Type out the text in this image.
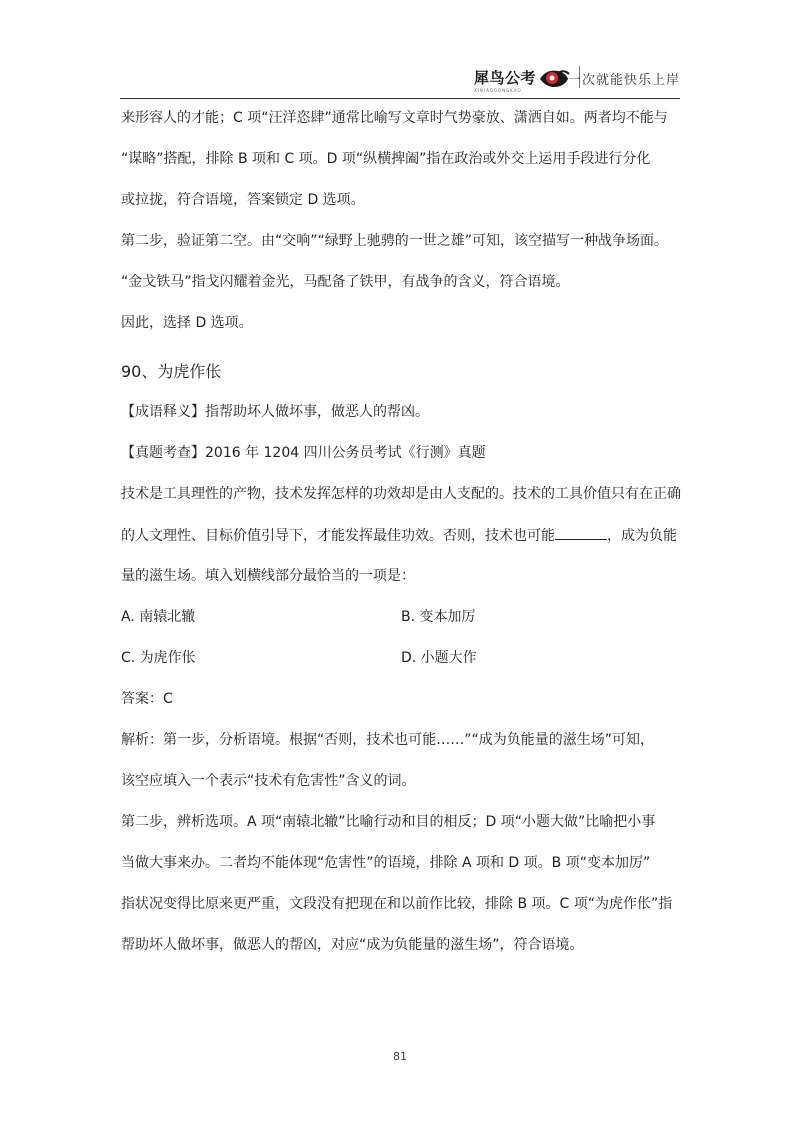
犀鸟公考
XINIAOGONGKAO
一次就能快乐上岸
来形容人的才能；C 项“汪洋恣肆”通常比喻写文章时气势豪放、潇洒自如。两者均不能与
“谋略”搭配，排除 B 项和 C 项。D 项“纵横捭阖”指在政治或外交上运用手段进行分化
或拉拢，符合语境，答案锁定 D 选项。
第二步，验证第二空。由“交响”“绿野上驰骋的一世之雄”可知，该空描写一种战争场面。
“金戈铁马”指戈闪耀着金光，马配备了铁甲，有战争的含义，符合语境。
因此，选择 D 选项。
90、为虎作伥
【成语释义】指帮助坏人做坏事，做恶人的帮凶。
【真题考查】2016 年 1204 四川公务员考试《行测》真题
技术是工具理性的产物，技术发挥怎样的功效却是由人支配的。技术的工具价值只有在正确
的人文理性、目标价值引导下，才能发挥最佳功效。否则，技术也可能	，成为负能
量的滋生场。填入划横线部分最恰当的一项是：
A. 南辕北辙	B. 变本加厉
C. 为虎作伥	D. 小题大作
答案：C
解析：第一步，分析语境。根据“否则，技术也可能……”“成为负能量的滋生场”可知，
该空应填入一个表示“技术有危害性”含义的词。
第二步，辨析选项。A 项“南辕北辙”比喻行动和目的相反；D 项“小题大做”比喻把小事
当做大事来办。二者均不能体现“危害性”的语境，排除 A 项和 D 项。B 项“变本加厉”
指状况变得比原来更严重，文段没有把现在和以前作比较，排除 B 项。C 项“为虎作伥”指
帮助坏人做坏事，做恶人的帮凶，对应“成为负能量的滋生场”，符合语境。
81
